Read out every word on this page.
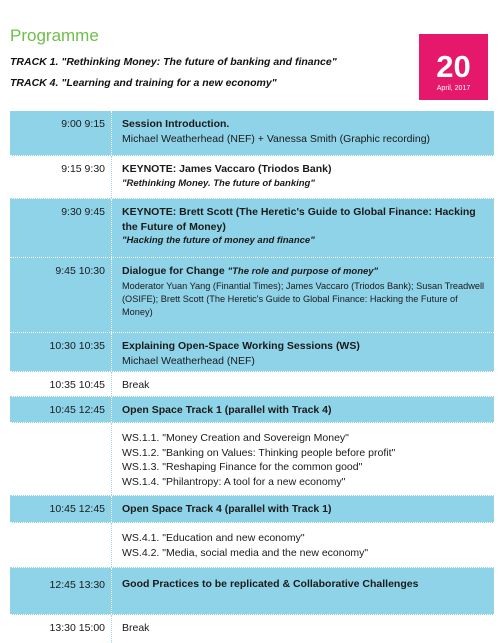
Programme
TRACK 1. "Rethinking Money: The future of banking and finance"
TRACK 4. "Learning and training for a new economy"	20
April, 2017
9:00 9:15	Session Introduction.
Michael Weatherhead (NEF) + Vanessa Smith (Graphic recording)
9:15 9:30	KEYNOTE: James Vaccaro (Triodos Bank)
"Rethinking Money. The future of banking"
9:30 9:45	KEYNOTE: Brett Scott (The Heretic's Guide to Global Finance: Hacking the Future of Money)
"Hacking the future of money and finance"
9:45 10:30	Dialogue for Change "The role and purpose of money"
Moderator Yuan Yang (Finantial Times); James Vaccaro (Triodos Bank); Susan Treadwell (OSIFE); Brett Scott (The Heretic's Guide to Global Finance: Hacking the Future of Money)
10:30 10:35	Explaining Open-Space Working Sessions (WS)
Michael Weatherhead (NEF)
10:35 10:45	Break
10:45 12:45	Open Space Track 1 (parallel with Track 4)
WS.1.1. "Money Creation and Sovereign Money"
WS.1.2. "Banking on Values: Thinking people before profit"
WS.1.3. "Reshaping Finance for the common good"
WS.1.4. "Philantropy: A tool for a new economy"
10:45 12:45	Open Space Track 4 (parallel with Track 1)
WS.4.1. "Education and new economy"
WS.4.2. "Media, social media and the new economy"
12:45 13:30	Good Practices to be replicated & Collaborative Challenges
13:30 15:00	Break
